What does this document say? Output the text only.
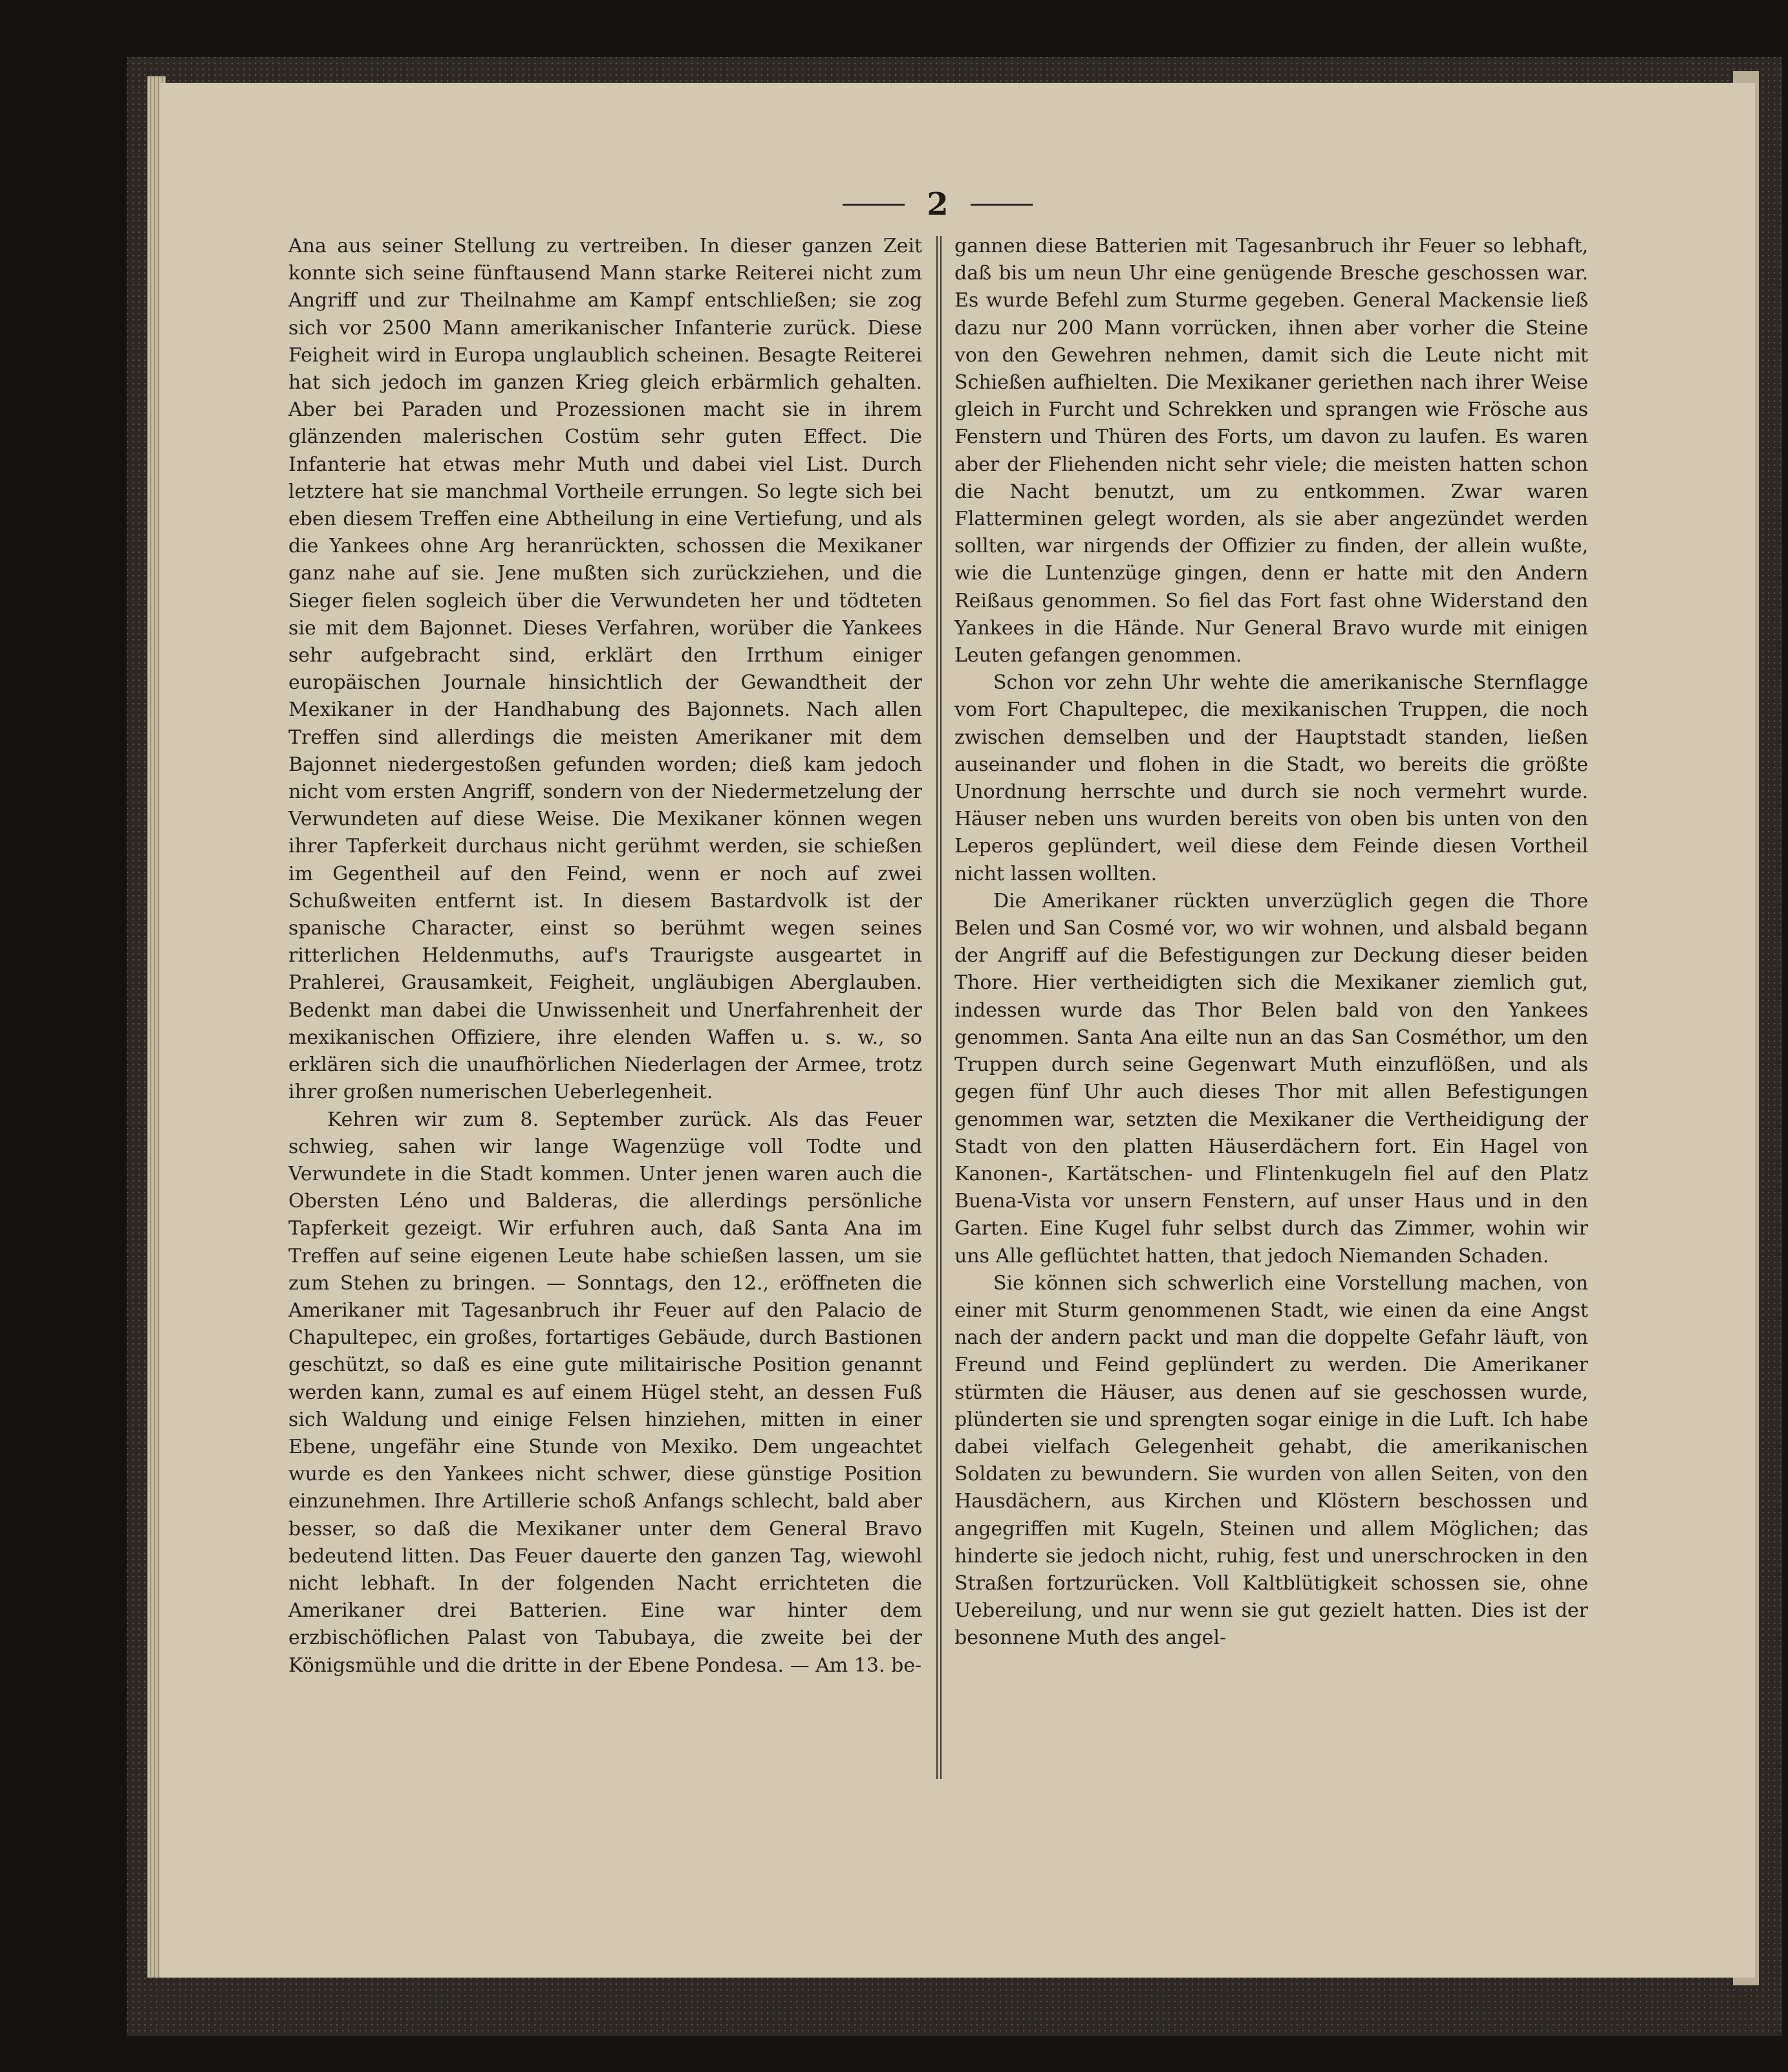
2

Ana aus seiner Stellung zu vertreiben. In dieser ganzen Zeit konnte sich seine fünftausend Mann starke Reiterei nicht zum Angriff und zur Theilnahme am Kampf entschließen; sie zog sich vor 2500 Mann amerikanischer Infanterie zurück. Diese Feigheit wird in Europa unglaublich scheinen. Besagte Reiterei hat sich jedoch im ganzen Krieg gleich erbärmlich gehalten. Aber bei Paraden und Prozessionen macht sie in ihrem glänzenden malerischen Costüm sehr guten Effect. Die Infanterie hat etwas mehr Muth und dabei viel List. Durch letztere hat sie manchmal Vortheile errungen. So legte sich bei eben diesem Treffen eine Abtheilung in eine Vertiefung, und als die Yankees ohne Arg heranrückten, schossen die Mexikaner ganz nahe auf sie. Jene mußten sich zurückziehen, und die Sieger fielen sogleich über die Verwundeten her und tödteten sie mit dem Bajonnet. Dieses Verfahren, worüber die Yankees sehr aufgebracht sind, erklärt den Irrthum einiger europäischen Journale hinsichtlich der Gewandtheit der Mexikaner in der Handhabung des Bajonnets. Nach allen Treffen sind allerdings die meisten Amerikaner mit dem Bajonnet niedergestoßen gefunden worden; dieß kam jedoch nicht vom ersten Angriff, sondern von der Niedermetzelung der Verwundeten auf diese Weise. Die Mexikaner können wegen ihrer Tapferkeit durchaus nicht gerühmt werden, sie schießen im Gegentheil auf den Feind, wenn er noch auf zwei Schußweiten entfernt ist. In diesem Bastardvolk ist der spanische Character, einst so berühmt wegen seines ritterlichen Heldenmuths, auf's Traurigste ausgeartet in Prahlerei, Grausamkeit, Feigheit, ungläubigen Aberglauben. Bedenkt man dabei die Unwissenheit und Unerfahrenheit der mexikanischen Offiziere, ihre elenden Waffen u. s. w., so erklären sich die unaufhörlichen Niederlagen der Armee, trotz ihrer großen numerischen Ueberlegenheit.

Kehren wir zum 8. September zurück. Als das Feuer schwieg, sahen wir lange Wagenzüge voll Todte und Verwundete in die Stadt kommen. Unter jenen waren auch die Obersten Léno und Balderas, die allerdings persönliche Tapferkeit gezeigt. Wir erfuhren auch, daß Santa Ana im Treffen auf seine eigenen Leute habe schießen lassen, um sie zum Stehen zu bringen. — Sonntags, den 12., eröffneten die Amerikaner mit Tagesanbruch ihr Feuer auf den Palacio de Chapultepec, ein großes, fortartiges Gebäude, durch Bastionen geschützt, so daß es eine gute militairische Position genannt werden kann, zumal es auf einem Hügel steht, an dessen Fuß sich Waldung und einige Felsen hinziehen, mitten in einer Ebene, ungefähr eine Stunde von Mexiko. Dem ungeachtet wurde es den Yankees nicht schwer, diese günstige Position einzunehmen. Ihre Artillerie schoß Anfangs schlecht, bald aber besser, so daß die Mexikaner unter dem General Bravo bedeutend litten. Das Feuer dauerte den ganzen Tag, wiewohl nicht lebhaft. In der folgenden Nacht errichteten die Amerikaner drei Batterien. Eine war hinter dem erzbischöflichen Palast von Tabubaya, die zweite bei der Königsmühle und die dritte in der Ebene Pondesa. — Am 13. be-

gannen diese Batterien mit Tagesanbruch ihr Feuer so lebhaft, daß bis um neun Uhr eine genügende Bresche geschossen war. Es wurde Befehl zum Sturme gegeben. General Mackensie ließ dazu nur 200 Mann vorrücken, ihnen aber vorher die Steine von den Gewehren nehmen, damit sich die Leute nicht mit Schießen aufhielten. Die Mexikaner geriethen nach ihrer Weise gleich in Furcht und Schrekken und sprangen wie Frösche aus Fenstern und Thüren des Forts, um davon zu laufen. Es waren aber der Fliehenden nicht sehr viele; die meisten hatten schon die Nacht benutzt, um zu entkommen. Zwar waren Flatterminen gelegt worden, als sie aber angezündet werden sollten, war nirgends der Offizier zu finden, der allein wußte, wie die Luntenzüge gingen, denn er hatte mit den Andern Reißaus genommen. So fiel das Fort fast ohne Widerstand den Yankees in die Hände. Nur General Bravo wurde mit einigen Leuten gefangen genommen.

Schon vor zehn Uhr wehte die amerikanische Sternflagge vom Fort Chapultepec, die mexikanischen Truppen, die noch zwischen demselben und der Hauptstadt standen, ließen auseinander und flohen in die Stadt, wo bereits die größte Unordnung herrschte und durch sie noch vermehrt wurde. Häuser neben uns wurden bereits von oben bis unten von den Leperos geplündert, weil diese dem Feinde diesen Vortheil nicht lassen wollten.

Die Amerikaner rückten unverzüglich gegen die Thore Belen und San Cosmé vor, wo wir wohnen, und alsbald begann der Angriff auf die Befestigungen zur Deckung dieser beiden Thore. Hier vertheidigten sich die Mexikaner ziemlich gut, indessen wurde das Thor Belen bald von den Yankees genommen. Santa Ana eilte nun an das San Cosméthor, um den Truppen durch seine Gegenwart Muth einzuflößen, und als gegen fünf Uhr auch dieses Thor mit allen Befestigungen genommen war, setzten die Mexikaner die Vertheidigung der Stadt von den platten Häuserdächern fort. Ein Hagel von Kanonen-, Kartätschen- und Flintenkugeln fiel auf den Platz Buena-Vista vor unsern Fenstern, auf unser Haus und in den Garten. Eine Kugel fuhr selbst durch das Zimmer, wohin wir uns Alle geflüchtet hatten, that jedoch Niemanden Schaden.

Sie können sich schwerlich eine Vorstellung machen, von einer mit Sturm genommenen Stadt, wie einen da eine Angst nach der andern packt und man die doppelte Gefahr läuft, von Freund und Feind geplündert zu werden. Die Amerikaner stürmten die Häuser, aus denen auf sie geschossen wurde, plünderten sie und sprengten sogar einige in die Luft. Ich habe dabei vielfach Gelegenheit gehabt, die amerikanischen Soldaten zu bewundern. Sie wurden von allen Seiten, von den Hausdächern, aus Kirchen und Klöstern beschossen und angegriffen mit Kugeln, Steinen und allem Möglichen; das hinderte sie jedoch nicht, ruhig, fest und unerschrocken in den Straßen fortzurücken. Voll Kaltblütigkeit schossen sie, ohne Uebereilung, und nur wenn sie gut gezielt hatten. Dies ist der besonnene Muth des angel-
